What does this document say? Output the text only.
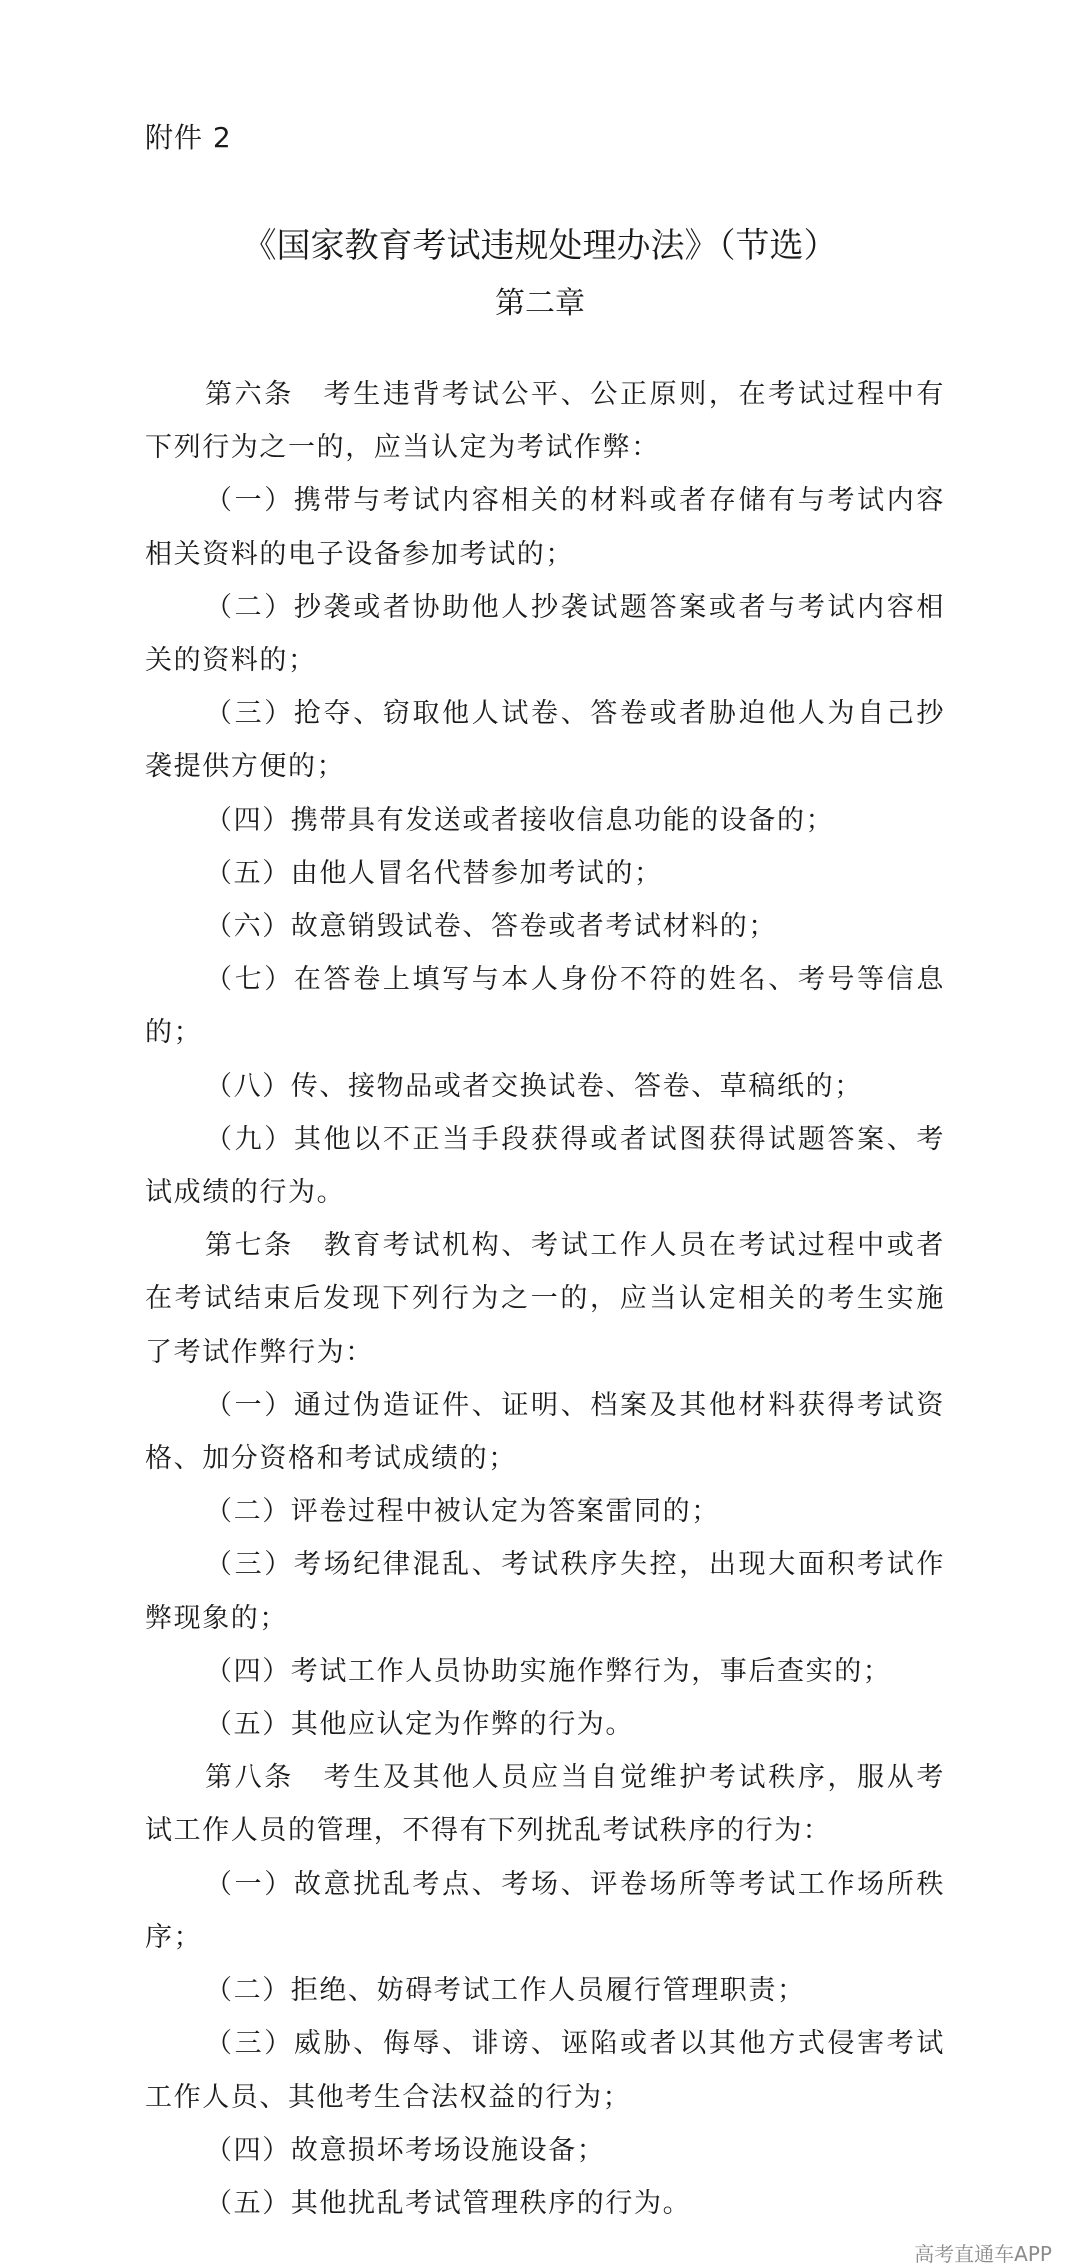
附件 2
《国家教育考试违规处理办法》（节选）
第二章

第六条　考生违背考试公平、公正原则，在考试过程中有下列行为之一的，应当认定为考试作弊：

（一）携带与考试内容相关的材料或者存储有与考试内容相关资料的电子设备参加考试的；

（二）抄袭或者协助他人抄袭试题答案或者与考试内容相关的资料的；

（三）抢夺、窃取他人试卷、答卷或者胁迫他人为自己抄袭提供方便的；

（四）携带具有发送或者接收信息功能的设备的；

（五）由他人冒名代替参加考试的；

（六）故意销毁试卷、答卷或者考试材料的；

（七）在答卷上填写与本人身份不符的姓名、考号等信息的；

（八）传、接物品或者交换试卷、答卷、草稿纸的；

（九）其他以不正当手段获得或者试图获得试题答案、考试成绩的行为。

第七条　教育考试机构、考试工作人员在考试过程中或者在考试结束后发现下列行为之一的，应当认定相关的考生实施了考试作弊行为：

（一）通过伪造证件、证明、档案及其他材料获得考试资格、加分资格和考试成绩的；

（二）评卷过程中被认定为答案雷同的；

（三）考场纪律混乱、考试秩序失控，出现大面积考试作弊现象的；

（四）考试工作人员协助实施作弊行为，事后查实的；

（五）其他应认定为作弊的行为。

第八条　考生及其他人员应当自觉维护考试秩序，服从考试工作人员的管理，不得有下列扰乱考试秩序的行为：

（一）故意扰乱考点、考场、评卷场所等考试工作场所秩序；

（二）拒绝、妨碍考试工作人员履行管理职责；

（三）威胁、侮辱、诽谤、诬陷或者以其他方式侵害考试工作人员、其他考生合法权益的行为；

（四）故意损坏考场设施设备；

（五）其他扰乱考试管理秩序的行为。

高考直通车APP
